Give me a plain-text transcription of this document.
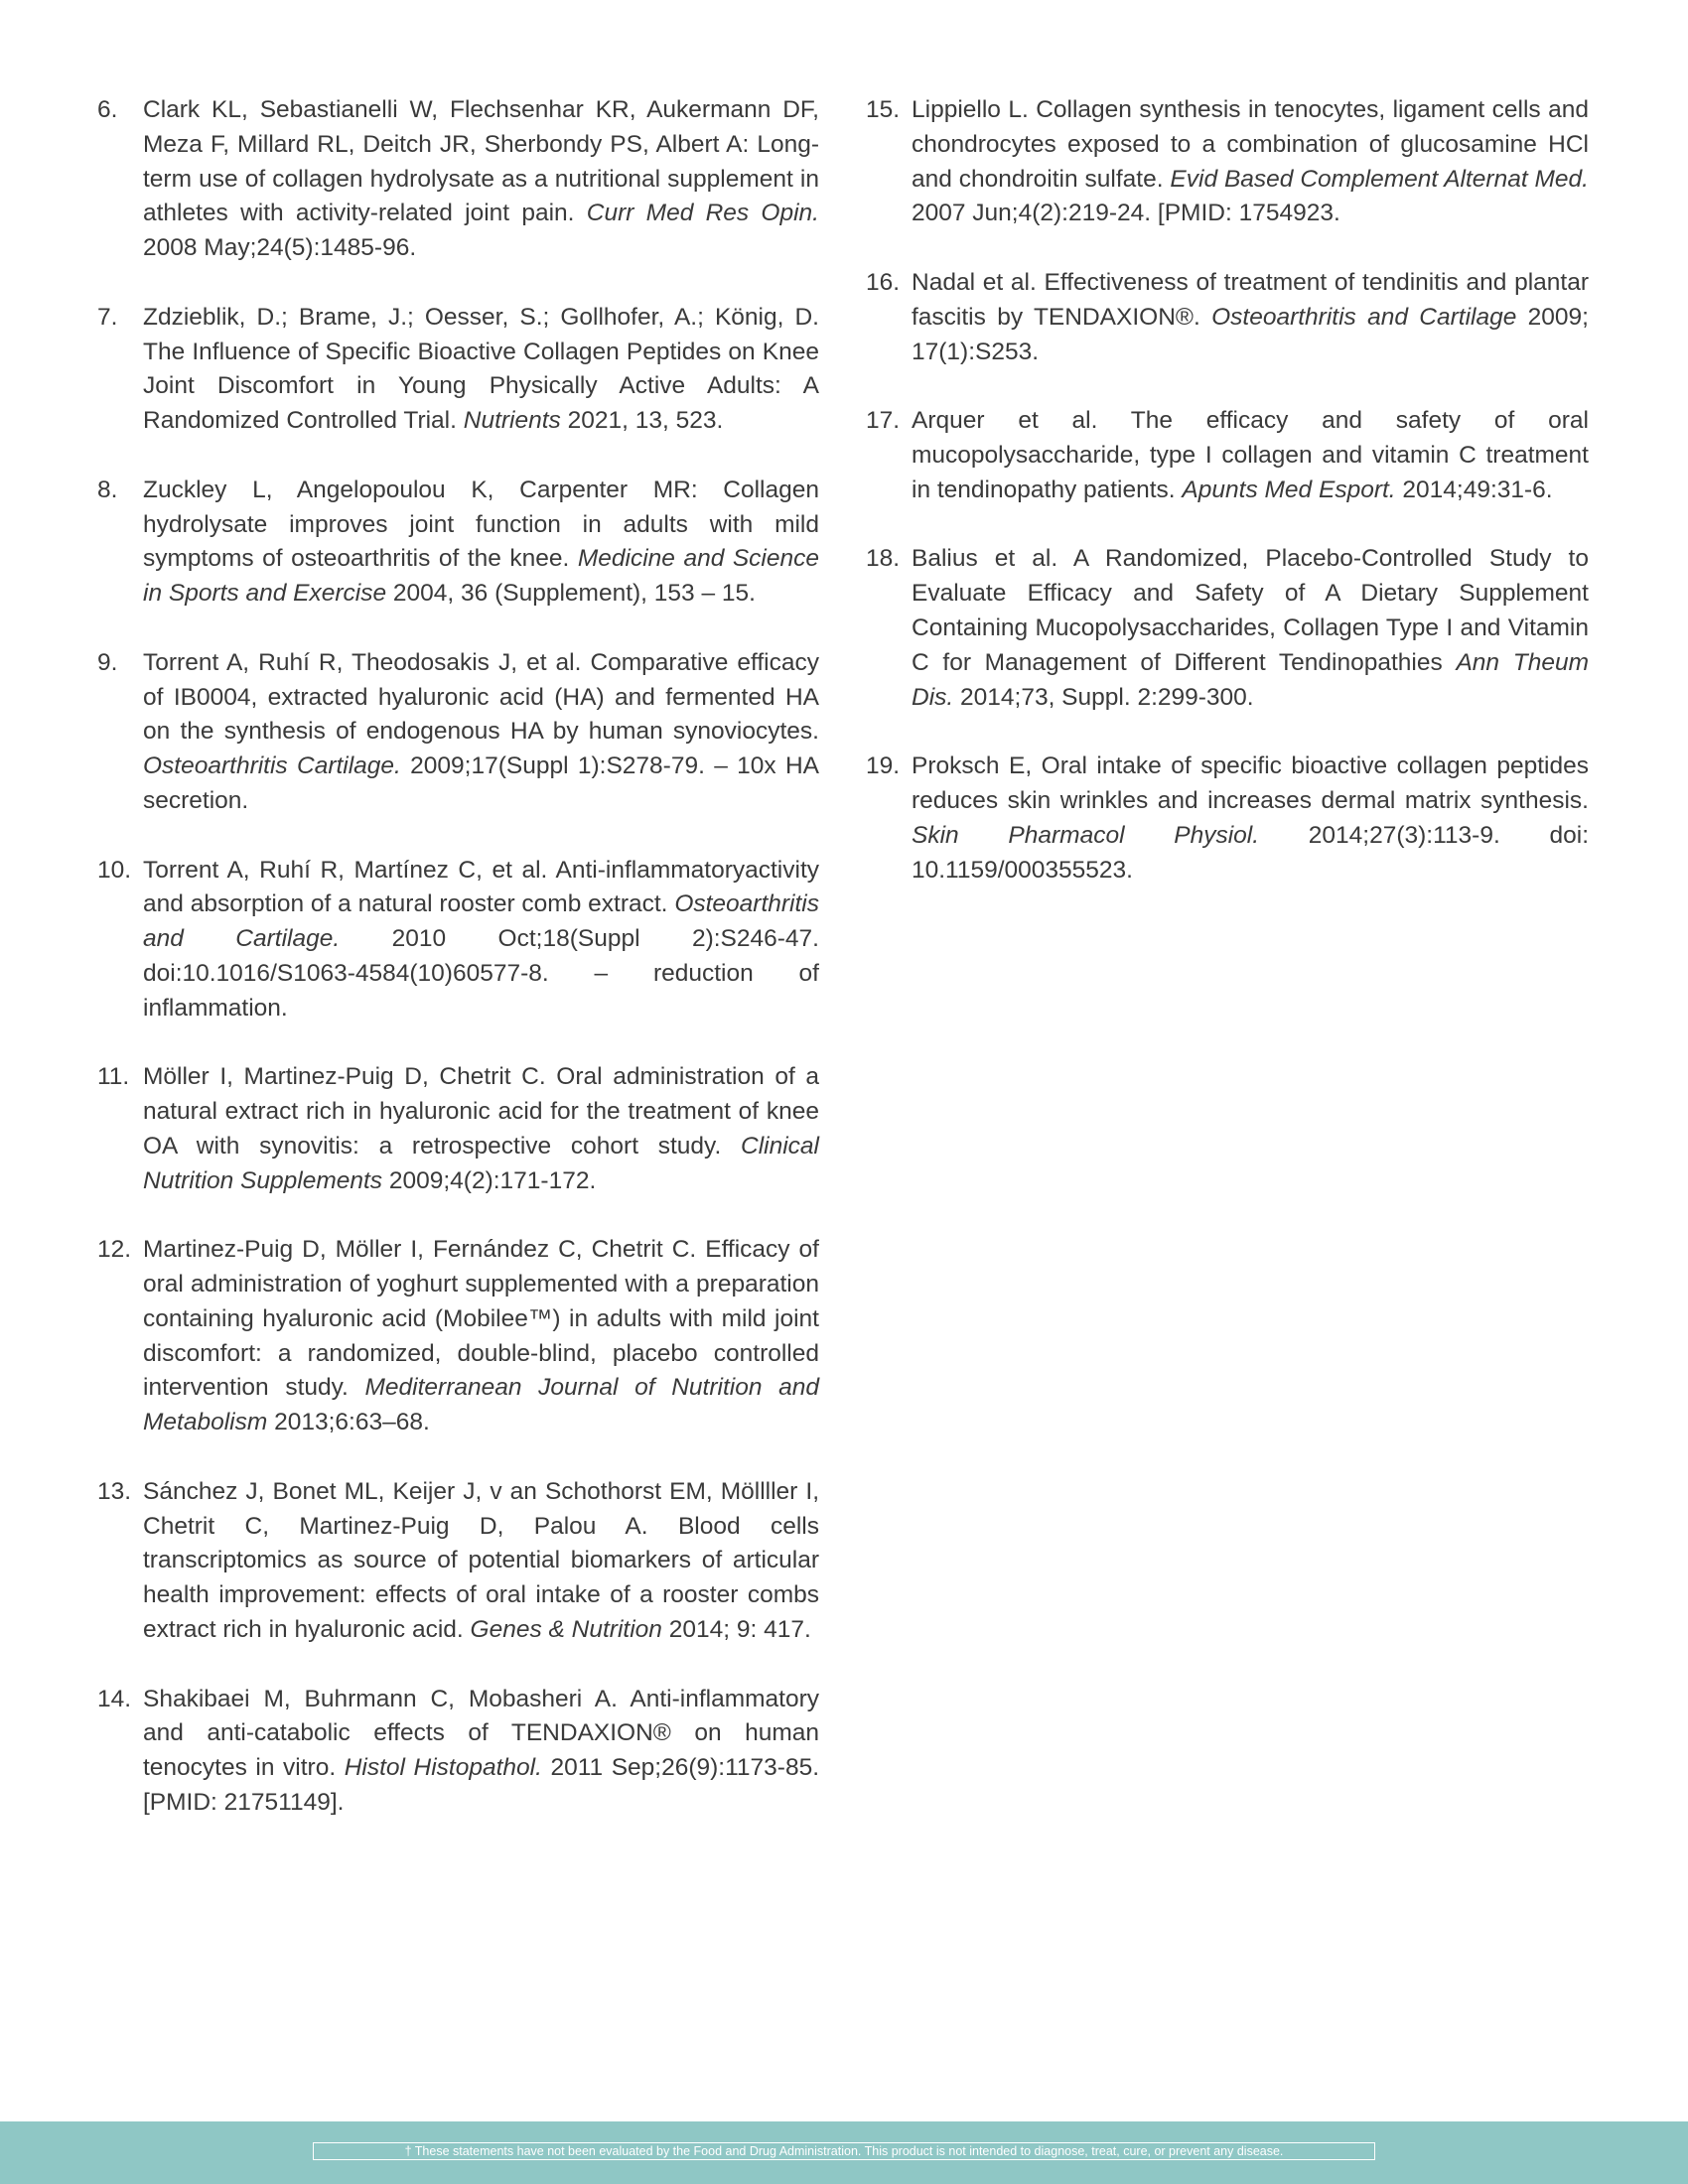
6. Clark KL, Sebastianelli W, Flechsenhar KR, Aukermann DF, Meza F, Millard RL, Deitch JR, Sherbondy PS, Albert A: Long-term use of collagen hydrolysate as a nutritional supplement in athletes with activity-related joint pain. Curr Med Res Opin. 2008 May;24(5):1485-96.
7. Zdzieblik, D.; Brame, J.; Oesser, S.; Gollhofer, A.; König, D. The Influence of Specific Bioactive Collagen Peptides on Knee Joint Discomfort in Young Physically Active Adults: A Randomized Controlled Trial. Nutrients 2021, 13, 523.
8. Zuckley L, Angelopoulou K, Carpenter MR: Collagen hydrolysate improves joint function in adults with mild symptoms of osteoarthritis of the knee. Medicine and Science in Sports and Exercise 2004, 36 (Supplement), 153 – 15.
9. Torrent A, Ruhí R, Theodosakis J, et al. Comparative efficacy of IB0004, extracted hyaluronic acid (HA) and fermented HA on the synthesis of endogenous HA by human synoviocytes. Osteoarthritis Cartilage. 2009;17(Suppl 1):S278-79. – 10x HA secretion.
10. Torrent A, Ruhí R, Martínez C, et al. Anti-inflammatoryactivity and absorption of a natural rooster comb extract. Osteoarthritis and Cartilage. 2010 Oct;18(Suppl 2):S246-47. doi:10.1016/S1063-4584(10)60577-8. – reduction of inflammation.
11. Möller I, Martinez-Puig D, Chetrit C. Oral administration of a natural extract rich in hyaluronic acid for the treatment of knee OA with synovitis: a retrospective cohort study. Clinical Nutrition Supplements 2009;4(2):171-172.
12. Martinez-Puig D, Möller I, Fernández C, Chetrit C. Efficacy of oral administration of yoghurt supplemented with a preparation containing hyaluronic acid (Mobilee™) in adults with mild joint discomfort: a randomized, double-blind, placebo controlled intervention study. Mediterranean Journal of Nutrition and Metabolism 2013;6:63–68.
13. Sánchez J, Bonet ML, Keijer J, v an Schothorst EM, Möllller I, Chetrit C, Martinez-Puig D, Palou A. Blood cells transcriptomics as source of potential biomarkers of articular health improvement: effects of oral intake of a rooster combs extract rich in hyaluronic acid. Genes & Nutrition 2014; 9: 417.
14. Shakibaei M, Buhrmann C, Mobasheri A. Anti-inflammatory and anti-catabolic effects of TENDAXION® on human tenocytes in vitro. Histol Histopathol. 2011 Sep;26(9):1173-85. [PMID: 21751149].
15. Lippiello L. Collagen synthesis in tenocytes, ligament cells and chondrocytes exposed to a combination of glucosamine HCl and chondroitin sulfate. Evid Based Complement Alternat Med. 2007 Jun;4(2):219-24. [PMID: 1754923.
16. Nadal et al. Effectiveness of treatment of tendinitis and plantar fascitis by TENDAXION®. Osteoarthritis and Cartilage 2009; 17(1):S253.
17. Arquer et al. The efficacy and safety of oral mucopolysaccharide, type I collagen and vitamin C treatment in tendinopathy patients. Apunts Med Esport. 2014;49:31-6.
18. Balius et al. A Randomized, Placebo-Controlled Study to Evaluate Efficacy and Safety of A Dietary Supplement Containing Mucopolysaccharides, Collagen Type I and Vitamin C for Management of Different Tendinopathies Ann Theum Dis. 2014;73, Suppl. 2:299-300.
19. Proksch E, Oral intake of specific bioactive collagen peptides reduces skin wrinkles and increases dermal matrix synthesis. Skin Pharmacol Physiol. 2014;27(3):113-9. doi: 10.1159/000355523.
† These statements have not been evaluated by the Food and Drug Administration. This product is not intended to diagnose, treat, cure, or prevent any disease.
